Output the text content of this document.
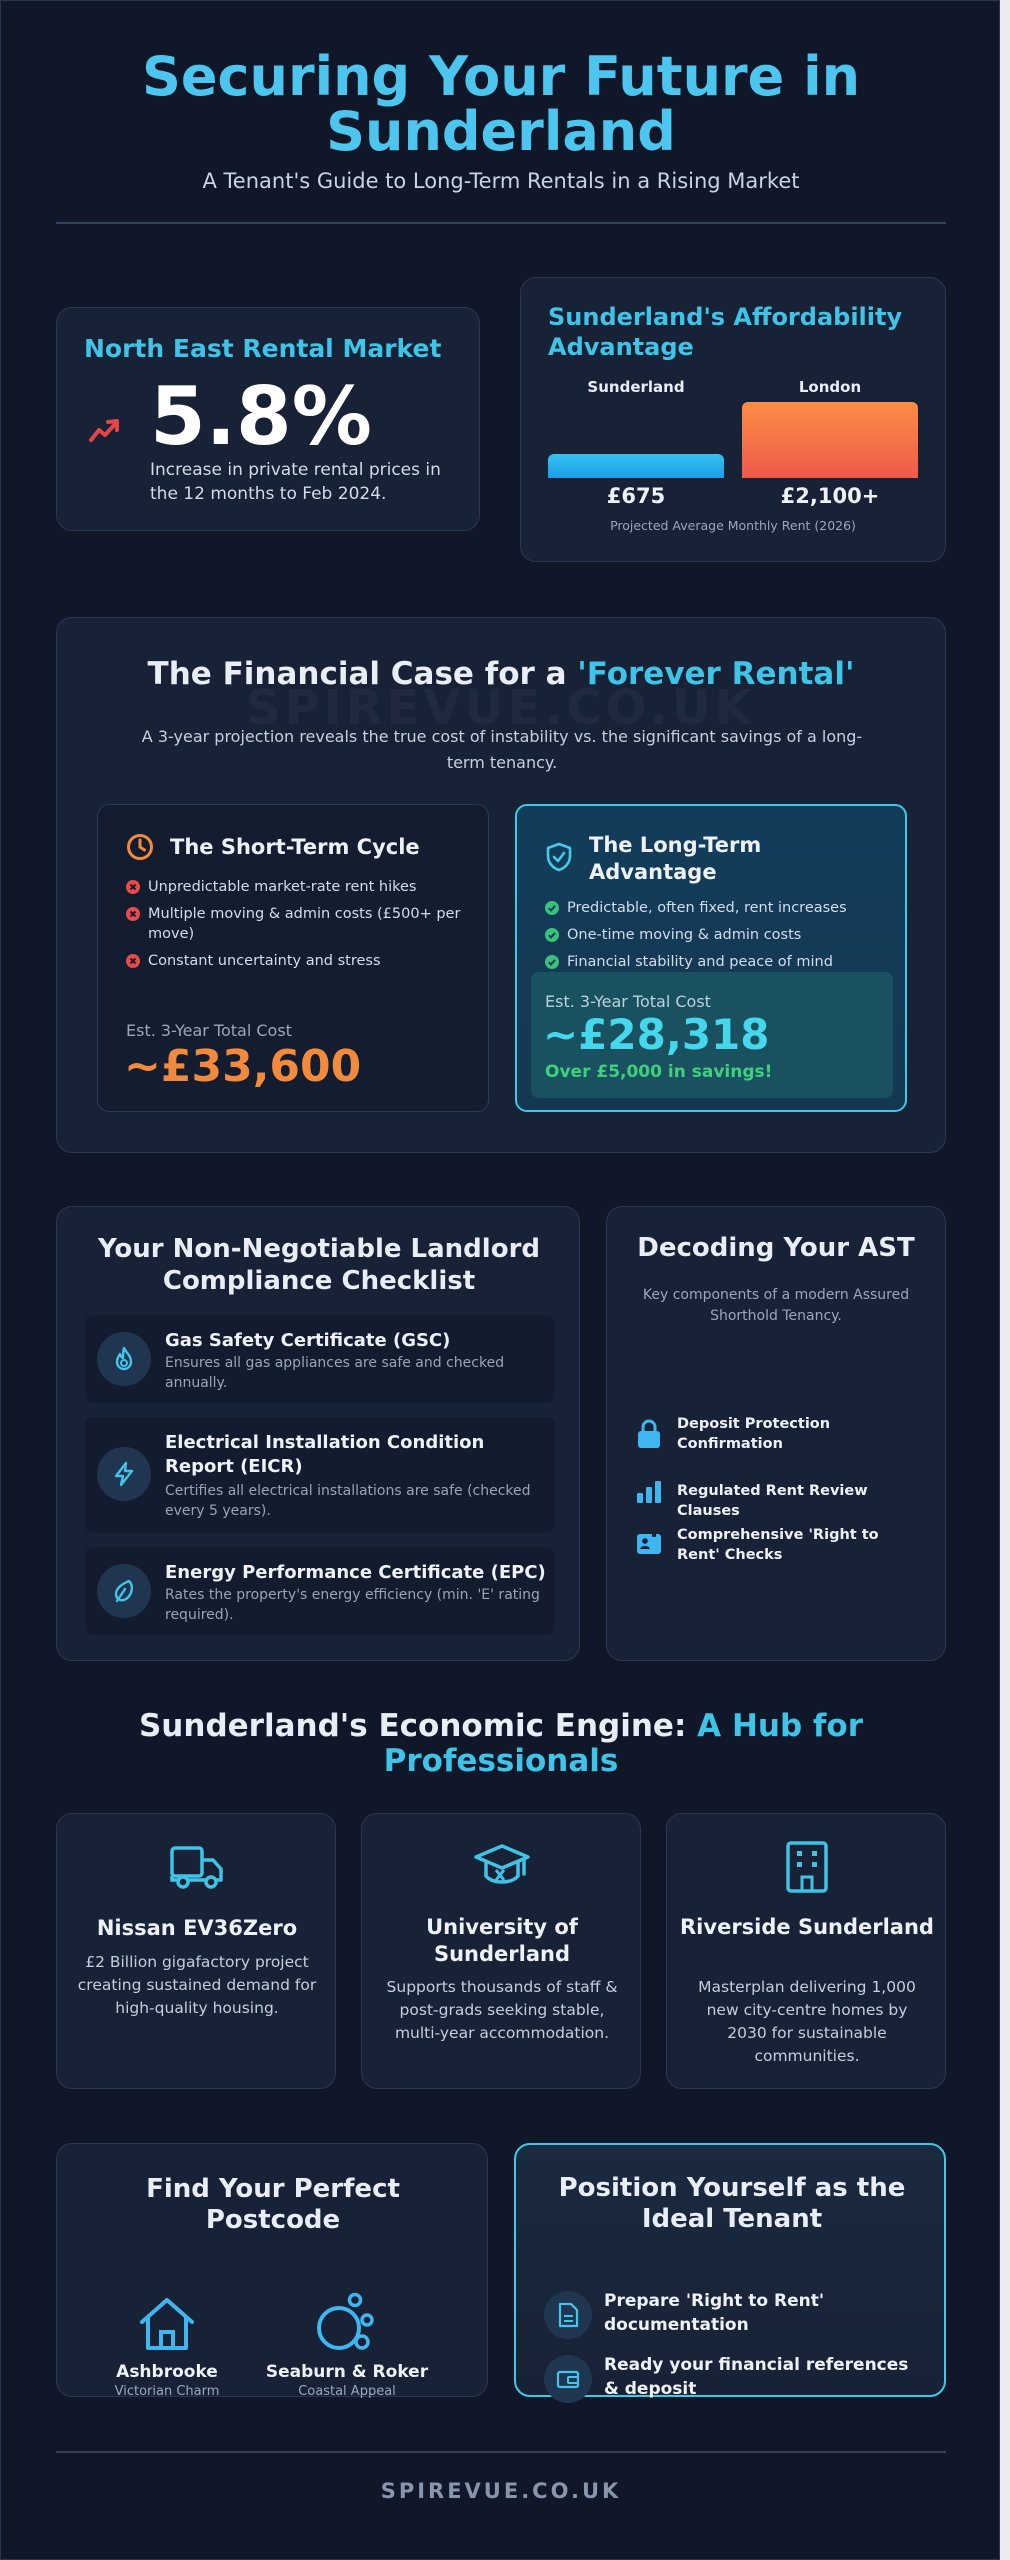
Securing Your Future in Sunderland
A Tenant's Guide to Long-Term Rentals in a Rising Market
North East Rental Market
5.8%
Increase in private rental prices in the 12 months to Feb 2024.
Sunderland's Affordability Advantage
Sunderland	London
£675	£2,100+
Projected Average Monthly Rent (2026)
The Financial Case for a 'Forever Rental'
A 3-year projection reveals the true cost of instability vs. the significant savings of a long-term tenancy.
The Short-Term Cycle
Unpredictable market-rate rent hikes
Multiple moving & admin costs (£500+ per move)
Constant uncertainty and stress
Est. 3-Year Total Cost
~£33,600
The Long-Term Advantage
Predictable, often fixed, rent increases
One-time moving & admin costs
Financial stability and peace of mind
Est. 3-Year Total Cost
~£28,318
Over £5,000 in savings!
Your Non-Negotiable Landlord Compliance Checklist
Gas Safety Certificate (GSC)
Ensures all gas appliances are safe and checked annually.
Electrical Installation Condition Report (EICR)
Certifies all electrical installations are safe (checked every 5 years).
Energy Performance Certificate (EPC)
Rates the property's energy efficiency (min. 'E' rating required).
Decoding Your AST
Key components of a modern Assured Shorthold Tenancy.
Deposit Protection Confirmation
Regulated Rent Review Clauses
Comprehensive 'Right to Rent' Checks
Sunderland's Economic Engine: A Hub for Professionals
Nissan EV36Zero
£2 Billion gigafactory project creating sustained demand for high-quality housing.
University of Sunderland
Supports thousands of staff & post-grads seeking stable, multi-year accommodation.
Riverside Sunderland
Masterplan delivering 1,000 new city-centre homes by 2030 for sustainable communities.
Find Your Perfect Postcode
Ashbrooke
Victorian Charm
Seaburn & Roker
Coastal Appeal
Position Yourself as the Ideal Tenant
Prepare 'Right to Rent' documentation
Ready your financial references & deposit
SPIREVUE.CO.UK
